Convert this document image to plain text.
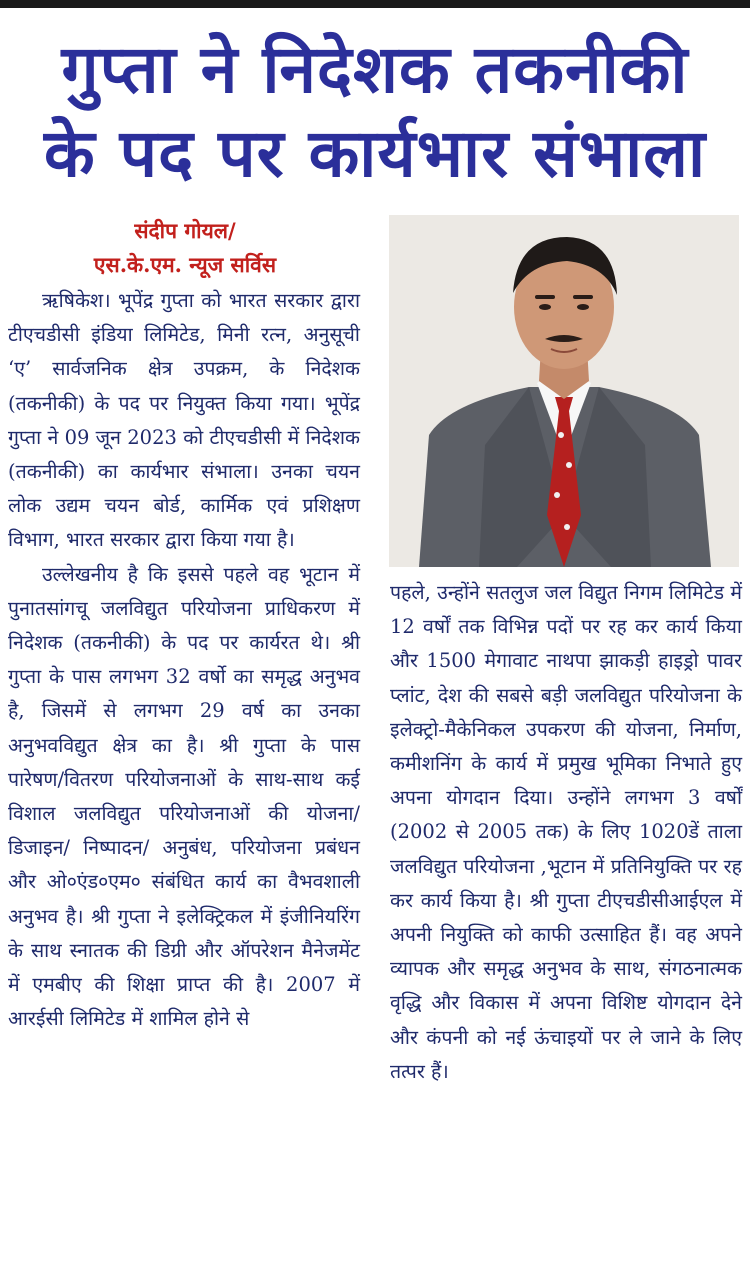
गुप्ता ने निदेशक तकनीकी
के पद पर कार्यभार संभाला
संदीप गोयल/
एस.के.एम. न्यूज सर्विस

ऋषिकेश। भूपेंद्र गुप्ता को भारत सरकार द्वारा टीएचडीसी इंडिया लिमिटेड, मिनी रत्न, अनुसूची ‘ए’ सार्वजनिक क्षेत्र उपक्रम, के निदेशक (तकनीकी) के पद पर नियुक्त किया गया। भूपेंद्र गुप्ता ने 09 जून 2023 को टीएचडीसी में निदेशक (तकनीकी) का कार्यभार संभाला। उनका चयन लोक उद्यम चयन बोर्ड, कार्मिक एवं प्रशिक्षण विभाग, भारत सरकार द्वारा किया गया है।

उल्लेखनीय है कि इससे पहले वह भूटान में पुनातसांगचू जलविद्युत परियोजना प्राधिकरण में निदेशक (तकनीकी) के पद पर कार्यरत थे। श्री गुप्ता के पास लगभग 32 वर्षो का समृद्ध अनुभव है, जिसमें से लगभग 29 वर्ष का उनका अनुभवविद्युत क्षेत्र का है। श्री गुप्ता के पास पारेषण/वितरण परियोजनाओं के साथ-साथ कई विशाल जलविद्युत परियोजनाओं की योजना/ डिजाइन/ निष्पादन/ अनुबंध, परियोजना प्रबंधन और ओ०एंड०एम० संबंधित कार्य का वैभवशाली अनुभव है। श्री गुप्ता ने इलेक्ट्रिकल में इंजीनियरिंग के साथ स्नातक की डिग्री और ऑपरेशन मैनेजमेंट में एमबीए की शिक्षा प्राप्त की है। 2007 में आरईसी लिमिटेड में शामिल होने से

पहले, उन्होंने सतलुज जल विद्युत निगम लिमिटेड में 12 वर्षों तक विभिन्न पदों पर रह कर कार्य किया और 1500 मेगावाट नाथपा झाकड़ी हाइड्रो पावर प्लांट, देश की सबसे बड़ी जलविद्युत परियोजना के इलेक्ट्रो-मैकेनिकल उपकरण की योजना, निर्माण, कमीशनिंग के कार्य में प्रमुख भूमिका निभाते हुए अपना योगदान दिया। उन्होंने लगभग 3 वर्षों (2002 से 2005 तक) के लिए 1020डें ताला जलविद्युत परियोजना ,भूटान में प्रतिनियुक्ति पर रह कर कार्य किया है। श्री गुप्ता टीएचडीसीआईएल में अपनी नियुक्ति को काफी उत्साहित हैं। वह अपने व्यापक और समृद्ध अनुभव के साथ, संगठनात्मक वृद्धि और विकास में अपना विशिष्ट योगदान देने और कंपनी को नई ऊंचाइयों पर ले जाने के लिए तत्पर हैं।
